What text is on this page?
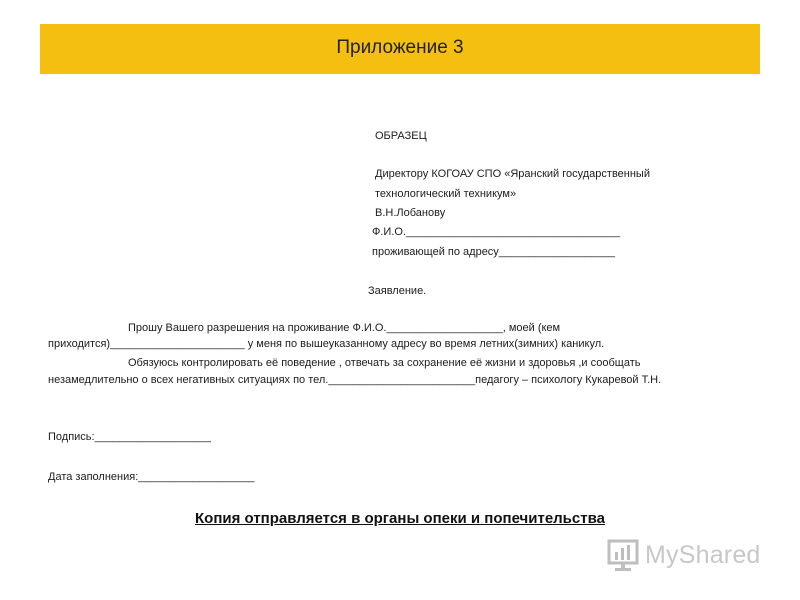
Приложение 3
ОБРАЗЕЦ
Директору КОГОАУ СПО «Яранский государственный
технологический техникум»
В.Н.Лобанову
Ф.И.О.___________________________________
проживающей по адресу___________________
Заявление.
Прошу Вашего разрешения на проживание Ф.И.О.___________________, моей (кем
приходится)______________________ у меня по вышеуказанному адресу во время летних(зимних) каникул.
Обязуюсь контролировать её поведение , отвечать за сохранение её жизни и здоровья ,и сообщать
незамедлительно о всех негативных ситуациях по тел.________________________педагогу – психологу Кукаревой Т.Н.
Подпись:___________________
Дата заполнения:___________________
Копия отправляется в органы опеки и попечительства
MyShared
